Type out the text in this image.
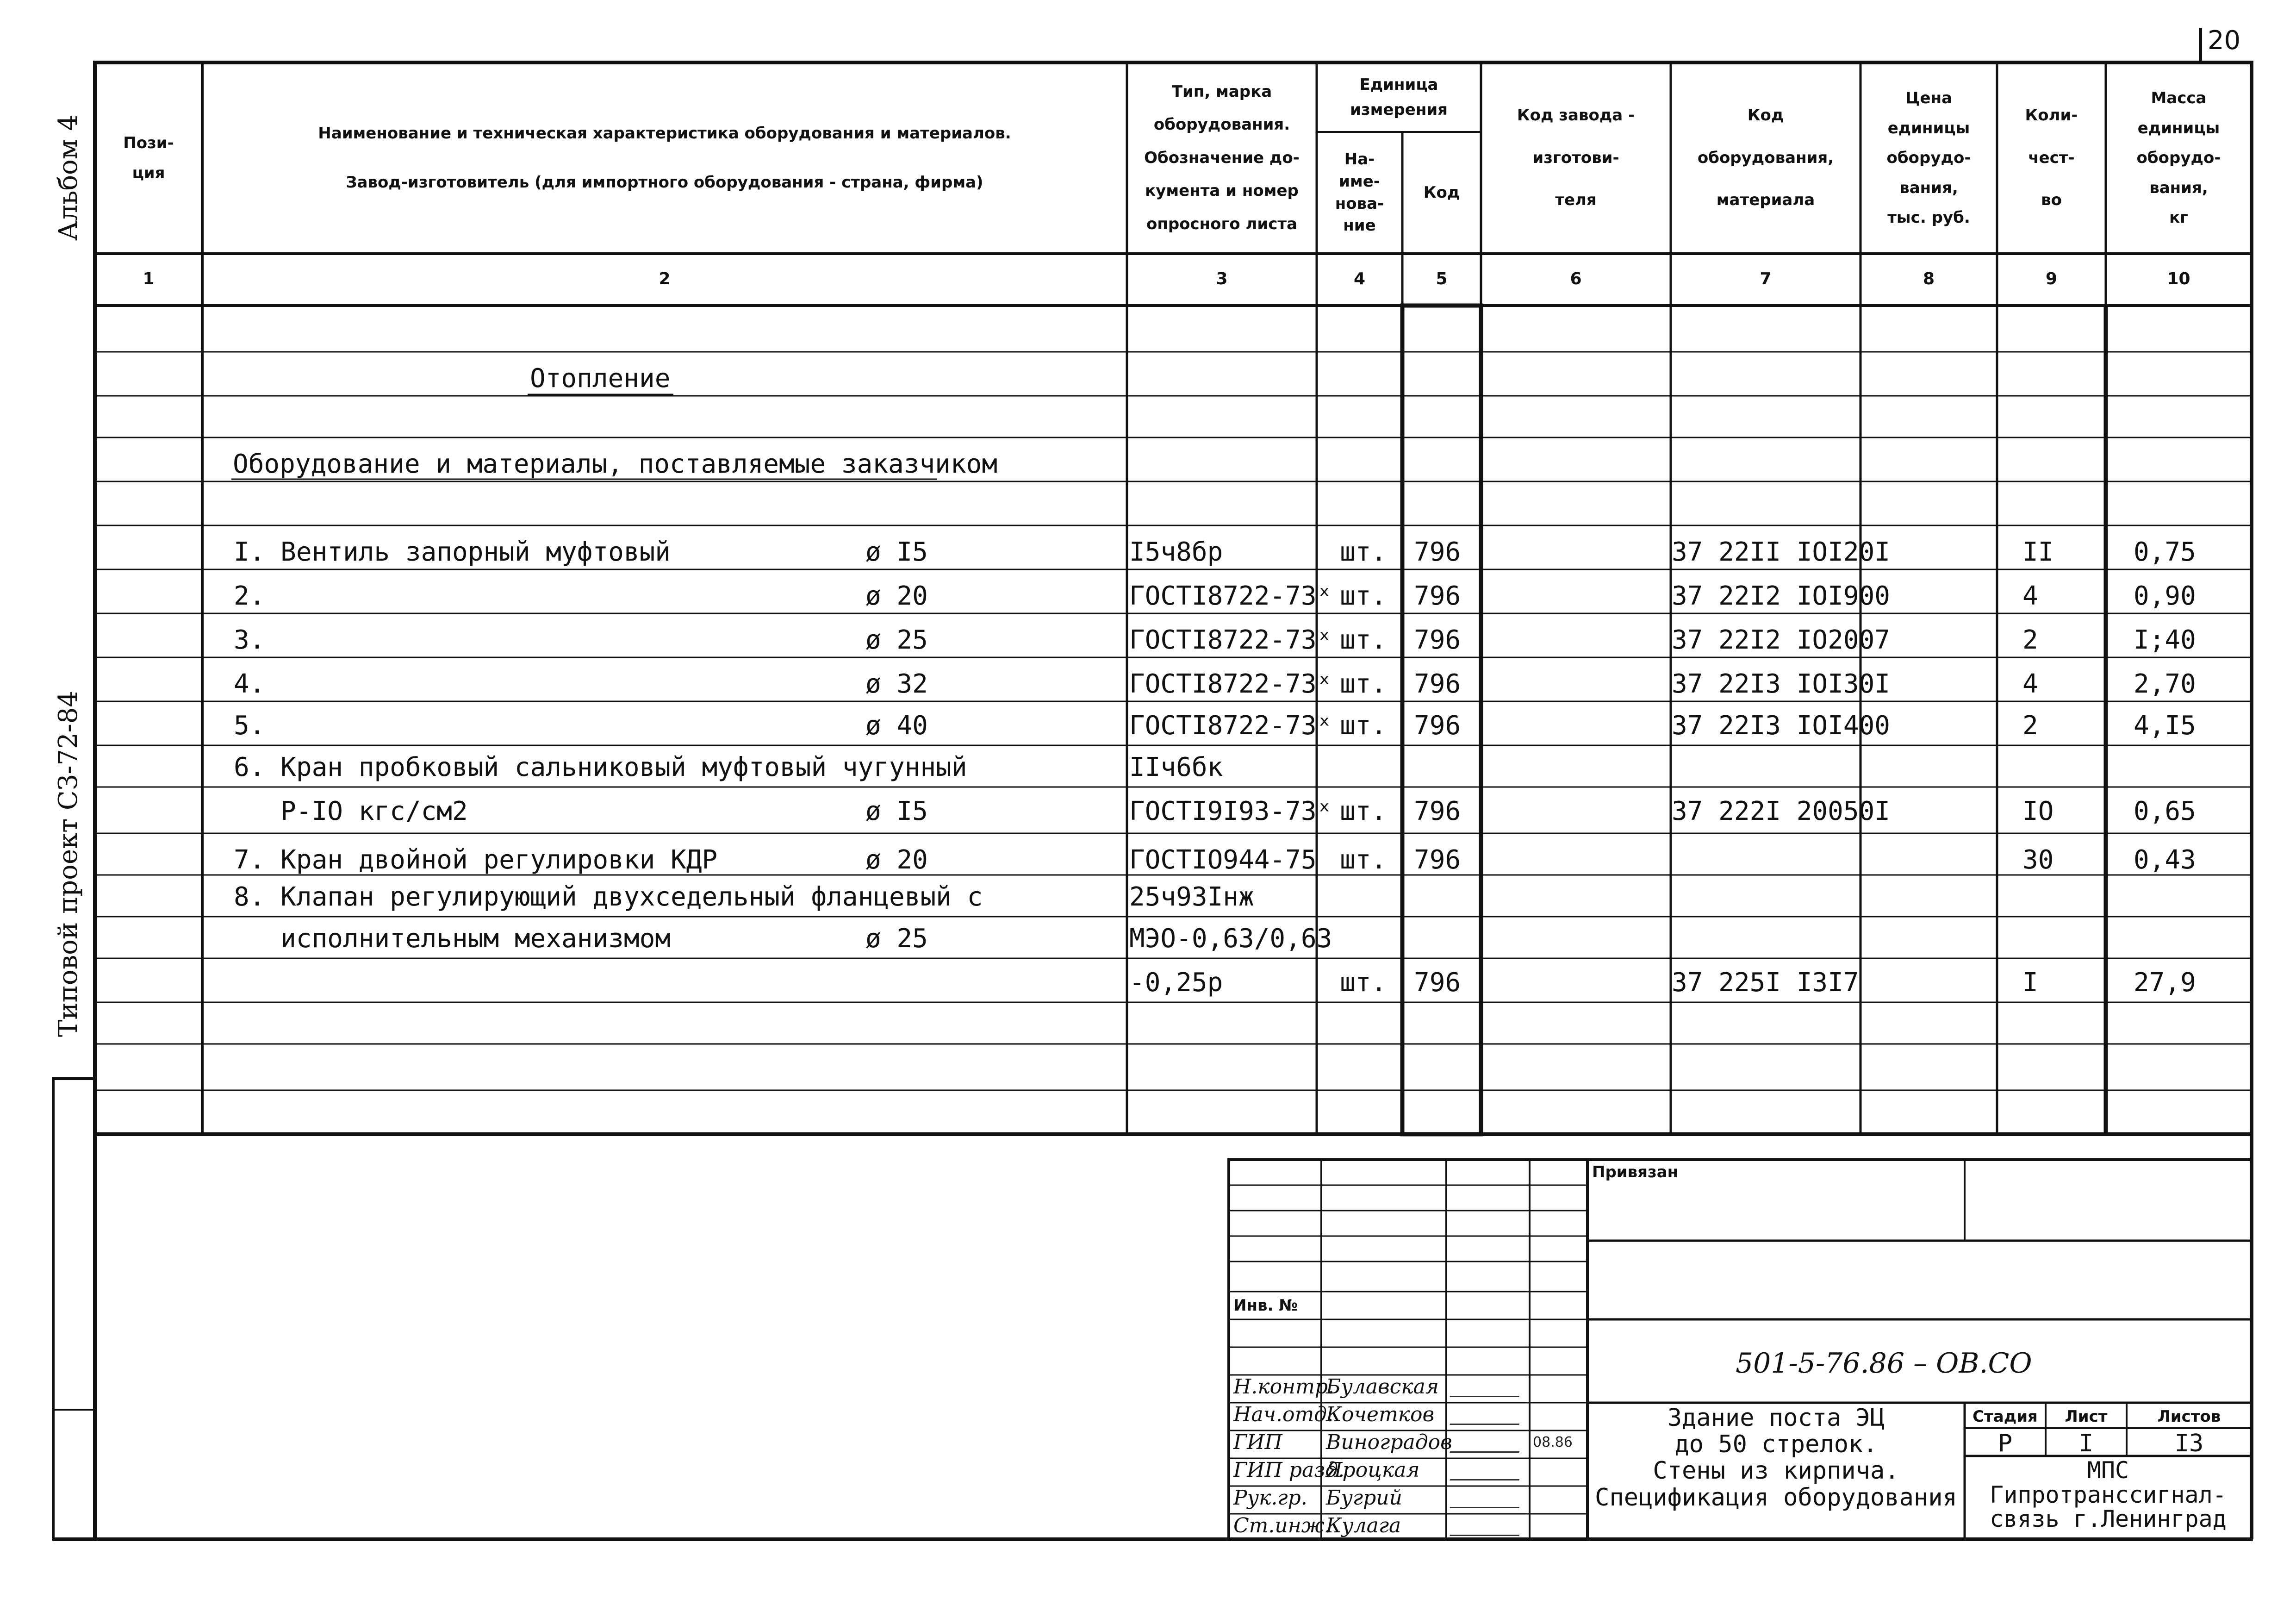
20
Альбом 4
Типовой проект СЗ-72-84
Пози-
ция
Наименование и техническая характеристика оборудования и материалов.
Завод-изготовитель (для импортного оборудования - страна, фирма)
Тип, марка
оборудования.
Обозначение до-
кумента и номер
опросного листа
Единица
измерения
На-
име-
нова-
ние
Код
Код завода -
изготови-
теля
Код
оборудования,
материала
Цена
единицы
оборудо-
вания,
тыс. руб.
Коли-
чест-
во
Масса
единицы
оборудо-
вания,
кг
1	2	3	4	5	6	7	8	9	10
Отопление
Оборудование и материалы, поставляемые заказчиком
I. Вентиль запорный муфтовый	ø I5	I5ч8бр	шт. 796	37 22II IOI20I	II	0,75
2.	ø 20	ГОСТI8722-73ˣ шт. 796	37 22I2 IOI900	4	0,90
3.	ø 25	ГОСТI8722-73ˣ шт. 796	37 22I2 IO2007	2	I;40
4.	ø 32	ГОСТI8722-73ˣ шт. 796	37 22I3 IOI30I	4	2,70
5.	ø 40	ГОСТI8722-73ˣ шт. 796	37 22I3 IOI400	2	4,I5
6. Кран пробковый сальниковый муфтовый чугунный	IIч6бк
Р-IO кгс/см2	ø I5	ГОСТI9I93-73ˣ шт. 796	37 222I 20050I	IO	0,65
7. Кран двойной регулировки КДР	ø 20	ГОСТIO944-75 шт. 796	30	0,43
8. Клапан регулирующий двухседельный фланцевый с	25ч93Iнж
исполнительным механизмом	ø 25	МЭО-0,63/0,63
-0,25р	шт. 796	37 225I I3I7	I	27,9
Привязан
Инв. №
501-5-76.86 – ОВ.СО
Н.контр.
Булавская
Нач.отд.
Кочетков
ГИП Виноградов	08.86
ГИП разд.
Яроцкая
Рук.гр. Бугрий
Ст.инж.
Кулага
Здание поста ЭЦ
до 50 стрелок.
Стены из кирпича.
Спецификация оборудования
Стадия	Лист	Листов
Р	I	I3
МПС
Гипротранссигнал-
связь г.Ленинград
